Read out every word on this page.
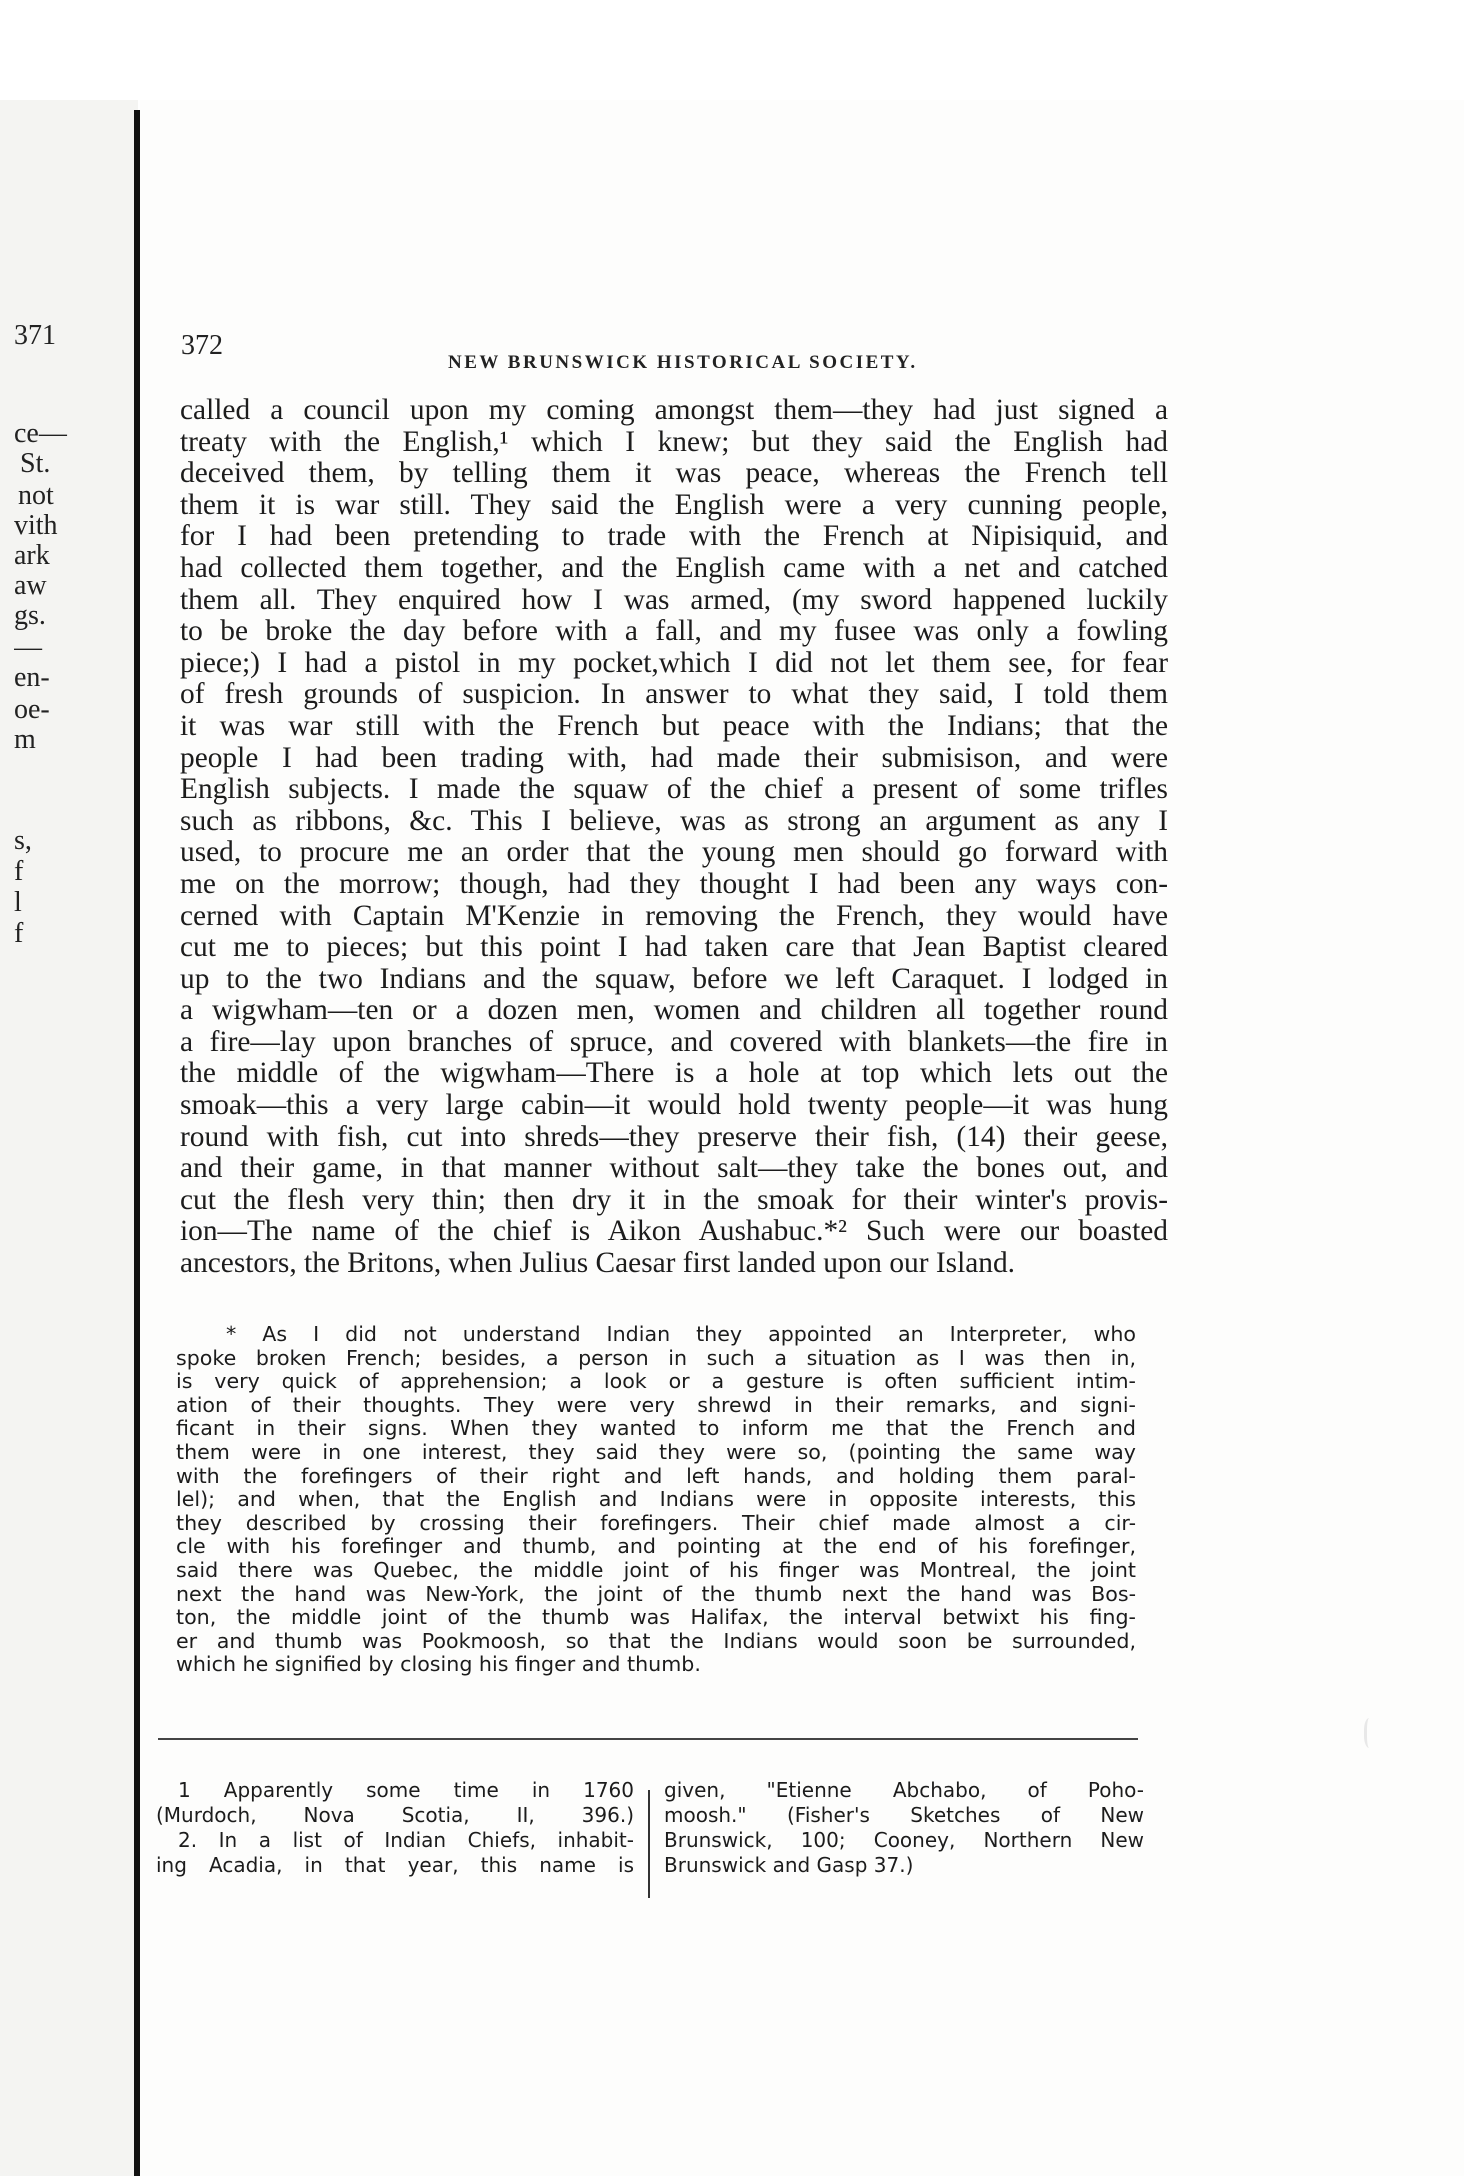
371
ce—
St.
not
vith
ark
aw
gs.
—
en-
oe-
m
s,
f
l
f
372
NEW BRUNSWICK HISTORICAL SOCIETY.
called a council upon my coming amongst them—they had just signed a
treaty with the English,¹ which I knew; but they said the English had
deceived them, by telling them it was peace, whereas the French tell
them it is war still. They said the English were a very cunning people,
for I had been pretending to trade with the French at Nipisiquid, and
had collected them together, and the English came with a net and catched
them all. They enquired how I was armed, (my sword happened luckily
to be broke the day before with a fall, and my fusee was only a fowling
piece;) I had a pistol in my pocket,which I did not let them see, for fear
of fresh grounds of suspicion. In answer to what they said, I told them
it was war still with the French but peace with the Indians; that the
people I had been trading with, had made their submisison, and were
English subjects. I made the squaw of the chief a present of some trifles
such as ribbons, &c. This I believe, was as strong an argument as any I
used, to procure me an order that the young men should go forward with
me on the morrow; though, had they thought I had been any ways con-
cerned with Captain M'Kenzie in removing the French, they would have
cut me to pieces; but this point I had taken care that Jean Baptist cleared
up to the two Indians and the squaw, before we left Caraquet. I lodged in
a wigwham—ten or a dozen men, women and children all together round
a fire—lay upon branches of spruce, and covered with blankets—the fire in
the middle of the wigwham—There is a hole at top which lets out the
smoak—this a very large cabin—it would hold twenty people—it was hung
round with fish, cut into shreds—they preserve their fish, (14) their geese,
and their game, in that manner without salt—they take the bones out, and
cut the flesh very thin; then dry it in the smoak for their winter's provis-
ion—The name of the chief is Aikon Aushabuc.*² Such were our boasted
ancestors, the Britons, when Julius Caesar first landed upon our Island.
* As I did not understand Indian they appointed an Interpreter, who
spoke broken French; besides, a person in such a situation as I was then in,
is very quick of apprehension; a look or a gesture is often sufficient intim-
ation of their thoughts. They were very shrewd in their remarks, and signi-
ficant in their signs. When they wanted to inform me that the French and
them were in one interest, they said they were so, (pointing the same way
with the forefingers of their right and left hands, and holding them paral-
lel); and when, that the English and Indians were in opposite interests, this
they described by crossing their forefingers. Their chief made almost a cir-
cle with his forefinger and thumb, and pointing at the end of his forefinger,
said there was Quebec, the middle joint of his finger was Montreal, the joint
next the hand was New-York, the joint of the thumb next the hand was Bos-
ton, the middle joint of the thumb was Halifax, the interval betwixt his fing-
er and thumb was Pookmoosh, so that the Indians would soon be surrounded,
which he signified by closing his finger and thumb.
1 Apparently some time in 1760
(Murdoch, Nova Scotia, II, 396.)
2. In a list of Indian Chiefs, inhabit-
ing Acadia, in that year, this name is
given, "Etienne Abchabo, of Poho-
moosh." (Fisher's Sketches of New
Brunswick, 100; Cooney, Northern New
Brunswick and Gasp 37.)
